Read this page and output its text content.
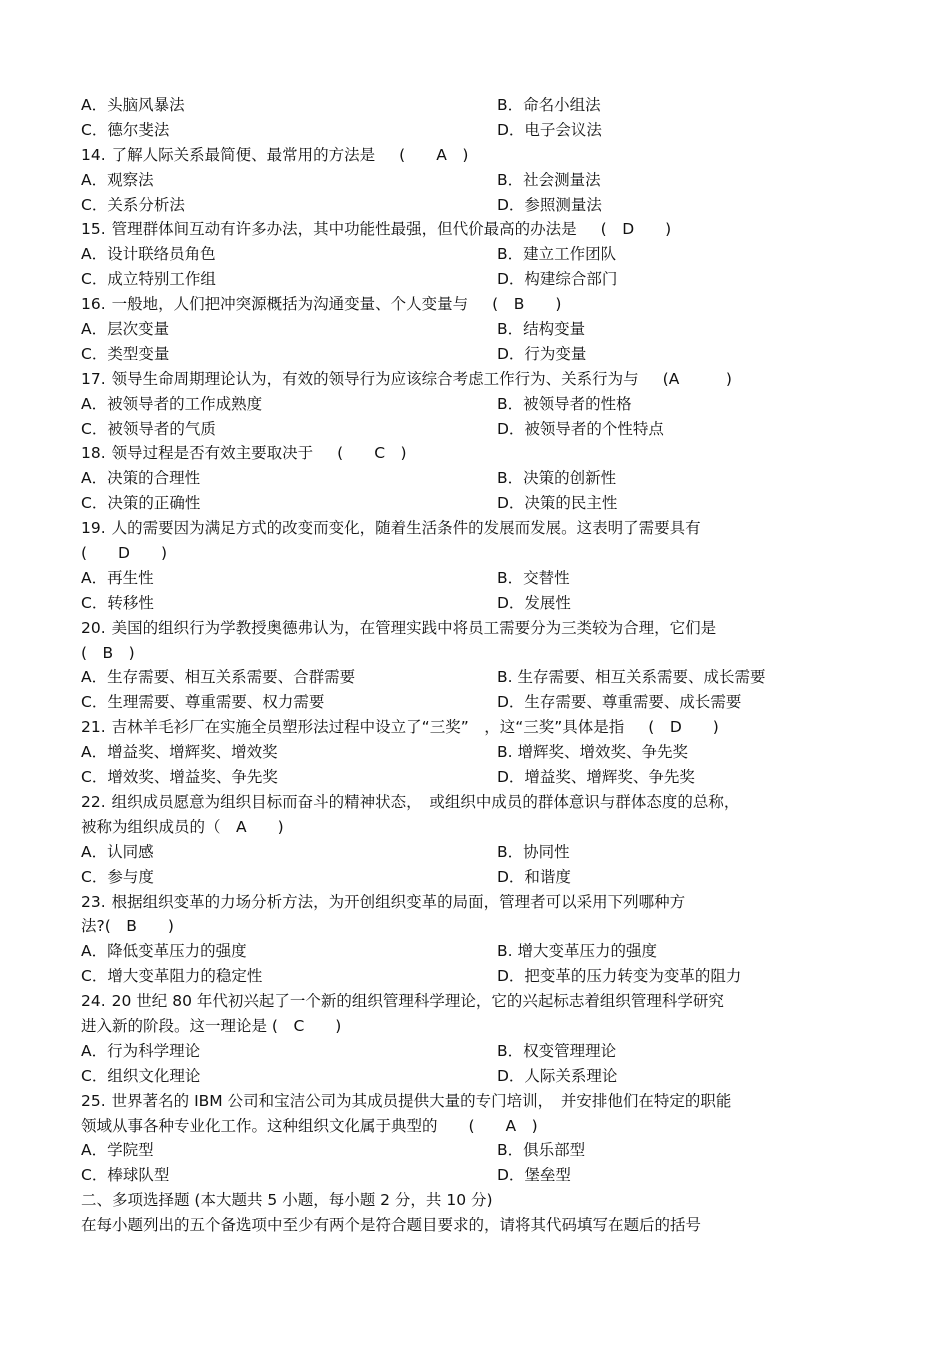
A．头脑风暴法	B．命名小组法
C．德尔斐法	D．电子会议法
14. 了解人际关系最简便、最常用的方法是 (　　A　)
A．观察法	B．社会测量法
C．关系分析法	D．参照测量法
15. 管理群体间互动有许多办法，其中功能性最强，但代价最高的办法是 (　D　　)
A．设计联络员角色	B．建立工作团队
C．成立特别工作组	D．构建综合部门
16. 一般地，人们把冲突源概括为沟通变量、个人变量与 (　B　　)
A．层次变量	B．结构变量
C．类型变量	D．行为变量
17. 领导生命周期理论认为，有效的领导行为应该综合考虑工作行为、关系行为与 (A　　　)
A．被领导者的工作成熟度	B．被领导者的性格
C．被领导者的气质	D．被领导者的个性特点
18. 领导过程是否有效主要取决于 (　　C　)
A．决策的合理性	B．决策的创新性
C．决策的正确性	D．决策的民主性
19. 人的需要因为满足方式的改变而变化，随着生活条件的发展而发展。这表明了需要具有
(　　D　　)
A．再生性	B．交替性
C．转移性	D．发展性
20. 美国的组织行为学教授奥德弗认为，在管理实践中将员工需要分为三类较为合理，它们是
(　B　)
A．生存需要、相互关系需要、合群需要	B. 生存需要、相互关系需要、成长需要
C．生理需要、尊重需要、权力需要	D．生存需要、尊重需要、成长需要
21. 吉林羊毛衫厂在实施全员塑形法过程中设立了“三奖”　，这“三奖”具体是指 (　D　　)
A．增益奖、增辉奖、增效奖	B. 增辉奖、增效奖、争先奖
C．增效奖、增益奖、争先奖	D．增益奖、增辉奖、争先奖
22. 组织成员愿意为组织目标而奋斗的精神状态，　或组织中成员的群体意识与群体态度的总称，
被称为组织成员的（　A　　)
A．认同感	B．协同性
C．参与度	D．和谐度
23. 根据组织变革的力场分析方法，为开创组织变革的局面，管理者可以采用下列哪种方
法?(　B　　)
A．降低变革压力的强度	B. 增大变革压力的强度
C．增大变革阻力的稳定性	D．把变革的压力转变为变革的阻力
24. 20 世纪 80 年代初兴起了一个新的组织管理科学理论，它的兴起标志着组织管理科学研究
进入新的阶段。这一理论是 (　C　　)
A．行为科学理论	B．权变管理理论
C．组织文化理论	D．人际关系理论
25. 世界著名的 IBM 公司和宝洁公司为其成员提供大量的专门培训，　并安排他们在特定的职能
领域从事各种专业化工作。这种组织文化属于典型的　　(　　A　)
A．学院型	B．俱乐部型
C．棒球队型	D．堡垒型
二、多项选择题 (本大题共 5 小题，每小题 2 分，共 10 分)
在每小题列出的五个备选项中至少有两个是符合题目要求的，请将其代码填写在题后的括号
